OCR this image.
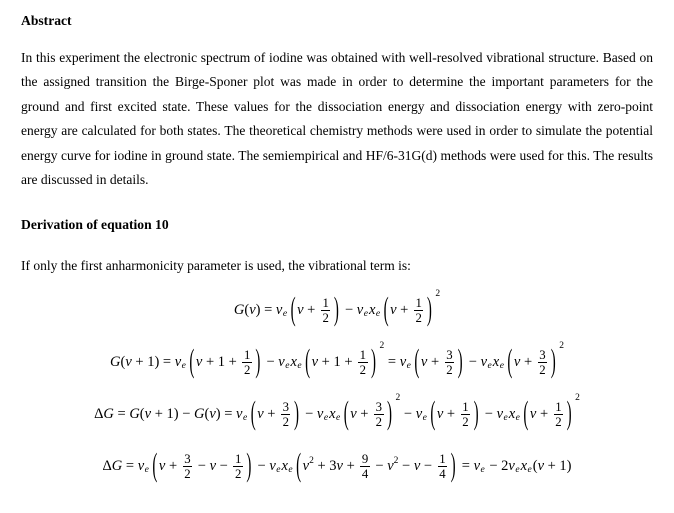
Abstract
In this experiment the electronic spectrum of iodine was obtained with well-resolved vibrational structure. Based on the assigned transition the Birge-Sponer plot was made in order to determine the important parameters for the ground and first excited state. These values for the dissociation energy and dissociation energy with zero-point energy are calculated for both states. The theoretical chemistry methods were used in order to simulate the potential energy curve for iodine in ground state. The semiempirical and HF/6-31G(d) methods were used for this. The results are discussed in details.
Derivation of equation 10
If only the first anharmonicity parameter is used, the vibrational term is:
G(v) = v e ( $v + \frac{1}{2}$ ) − v e x e ( $v + \frac{1}{2}$ ) 2
G(v + 1) = v e ( $v + 1 + \frac{1}{2}$ ) − v e x e ( $v + 1 + \frac{1}{2}$ ) 2
= v e ( $v + \frac{3}{2}$ ) − v e x e ( $v + \frac{3}{2}$ ) 2
ΔG = G(v + 1) − G(v) = v e ( $v + \frac{3}{2}$ ) − v e x e ( $v + \frac{3}{2}$ ) 2
− v e ( $v + \frac{1}{2}$ ) − v e x e ( $v + \frac{1}{2}$ ) 2
ΔG = v e ( $v + \frac{3}{2} - v - \frac{1}{2}$ ) − v e x e ( v $2 + 3v + \frac{9}{4} - v$ $2 - v - \frac{1}{4}$ ) = v e − 2v e x e (v + 1)
